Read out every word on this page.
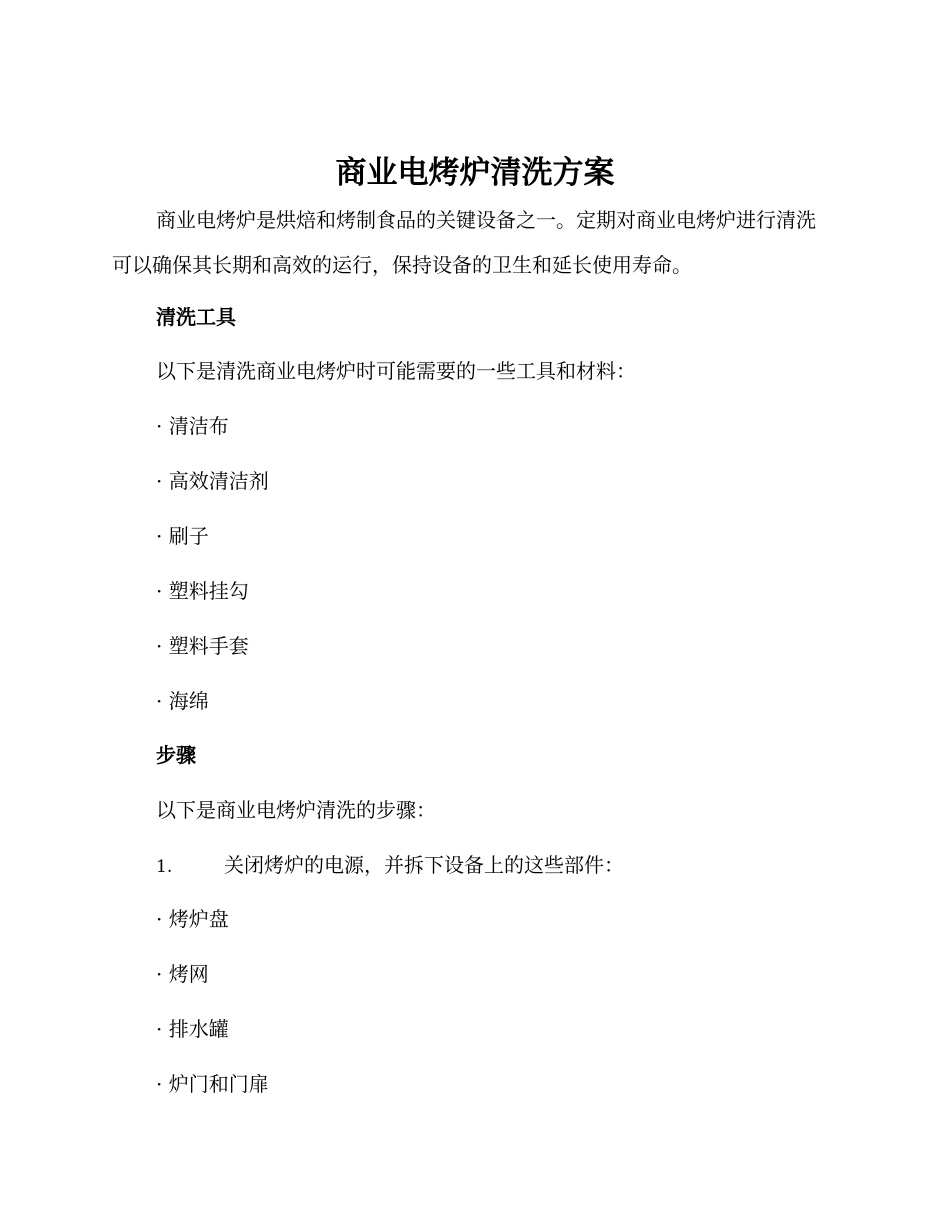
商业电烤炉清洗方案

商业电烤炉是烘焙和烤制食品的关键设备之一。定期对商业电烤炉进行清洗可以确保其长期和高效的运行，保持设备的卫生和延长使用寿命。

清洗工具
以下是清洗商业电烤炉时可能需要的一些工具和材料：
· 清洁布
· 高效清洁剂
· 刷子
· 塑料挂勾
· 塑料手套
· 海绵
步骤
以下是商业电烤炉清洗的步骤：
1.	关闭烤炉的电源，并拆下设备上的这些部件：
· 烤炉盘
· 烤网
· 排水罐
· 炉门和门扉
